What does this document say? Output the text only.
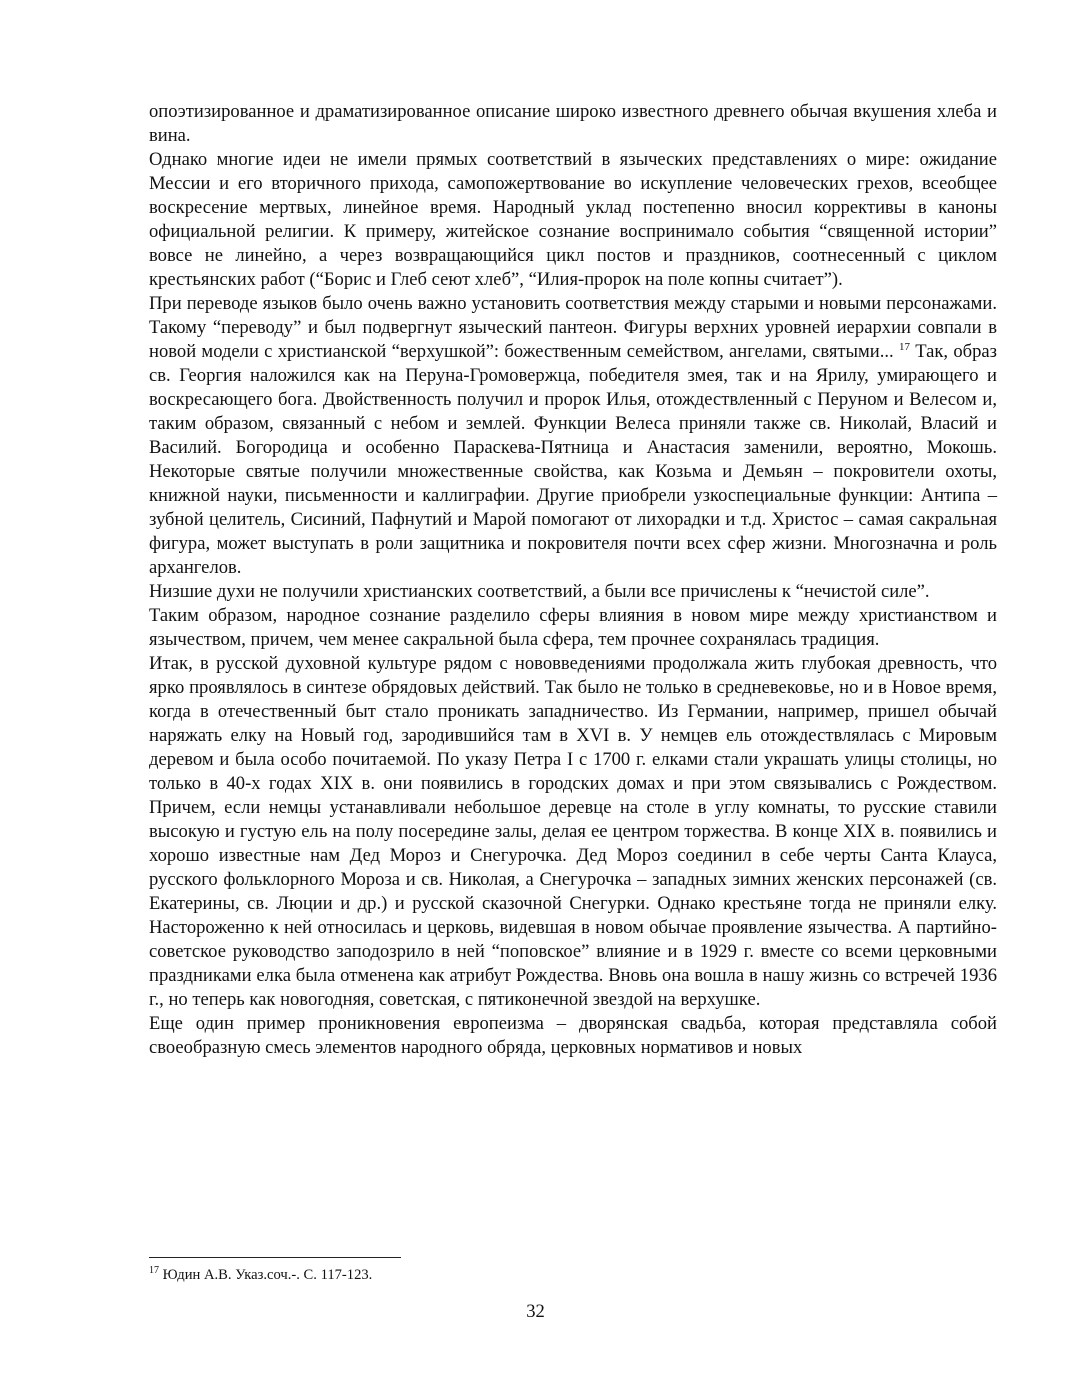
опоэтизированное и драматизированное описание широко известного древнего обычая вкушения хлеба и вина.

Однако многие идеи не имели прямых соответствий в языческих представлениях о мире: ожидание Мессии и его вторичного прихода, самопожертвование во искупление человеческих грехов, всеобщее воскресение мертвых, линейное время. Народный уклад постепенно вносил коррективы в каноны официальной религии. К примеру, житейское сознание воспринимало события “священной истории” вовсе не линейно, а через возвращающийся цикл постов и праздников, соотнесенный с циклом крестьянских работ (“Борис и Глеб сеют хлеб”, “Илия-пророк на поле копны считает”).

При переводе языков было очень важно установить соответствия между старыми и новыми персонажами. Такому “переводу” и был подвергнут языческий пантеон. Фигуры верхних уровней иерархии совпали в новой модели с христианской “верхушкой”: божественным семейством, ангелами, святыми... $^{17}$ Так, образ св. Георгия наложился как на Перуна-Громовержца, победителя змея, так и на Ярилу, умирающего и воскресающего бога. Двойственность получил и пророк Илья, отождествленный с Перуном и Велесом и, таким образом, связанный с небом и землей. Функции Велеса приняли также св. Николай, Власий и Василий. Богородица и особенно Параскева-Пятница и Анастасия заменили, вероятно, Мокошь. Некоторые святые получили множественные свойства, как Козьма и Демьян – покровители охоты, книжной науки, письменности и каллиграфии. Другие приобрели узкоспециальные функции: Антипа – зубной целитель, Сисиний, Пафнутий и Марой помогают от лихорадки и т.д. Христос – самая сакральная фигура, может выступать в роли защитника и покровителя почти всех сфер жизни. Многозначна и роль архангелов.

Низшие духи не получили христианских соответствий, а были все причислены к “нечистой силе”.

Таким образом, народное сознание разделило сферы влияния в новом мире между христианством и язычеством, причем, чем менее сакральной была сфера, тем прочнее сохранялась традиция.

Итак, в русской духовной культуре рядом с нововведениями продолжала жить глубокая древность, что ярко проявлялось в синтезе обрядовых действий. Так было не только в средневековье, но и в Новое время, когда в отечественный быт стало проникать западничество. Из Германии, например, пришел обычай наряжать елку на Новый год, зародившийся там в XVI в. У немцев ель отождествлялась с Мировым деревом и была особо почитаемой. По указу Петра I с 1700 г. елками стали украшать улицы столицы, но только в 40-х годах XIX в. они появились в городских домах и при этом связывались с Рождеством. Причем, если немцы устанавливали небольшое деревце на столе в углу комнаты, то русские ставили высокую и густую ель на полу посередине залы, делая ее центром торжества. В конце XIX в. появились и хорошо известные нам Дед Мороз и Снегурочка. Дед Мороз соединил в себе черты Санта Клауса, русского фольклорного Мороза и св. Николая, а Снегурочка – западных зимних женских персонажей (св. Екатерины, св. Люции и др.) и русской сказочной Снегурки. Однако крестьяне тогда не приняли елку. Настороженно к ней относилась и церковь, видевшая в новом обычае проявление язычества. А партийно-советское руководство заподозрило в ней “поповское” влияние и в 1929 г. вместе со всеми церковными праздниками елка была отменена как атрибут Рождества. Вновь она вошла в нашу жизнь со встречей 1936 г., но теперь как новогодняя, советская, с пятиконечной звездой на верхушке.

Еще один пример проникновения европеизма – дворянская свадьба, которая представляла собой своеобразную смесь элементов народного обряда, церковных нормативов и новых

$^{17}$ Юдин А.В. Указ.соч.-. С. 117-123.

32
